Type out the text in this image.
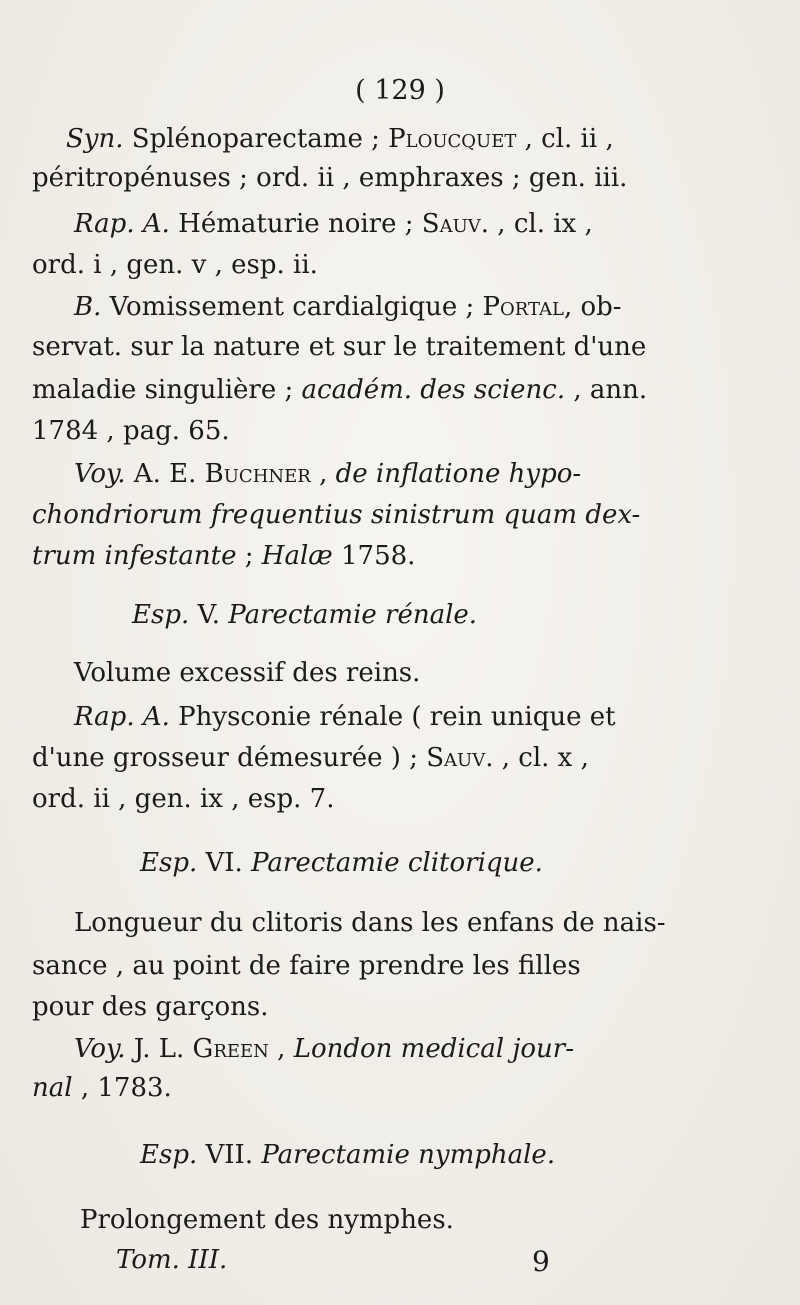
( 129 )
Syn. Splénoparectame ; Ploucquet , cl. ii ,
péritropénuses ; ord. ii , emphraxes ; gen. iii.
Rap. A. Hématurie noire ; Sauv. , cl. ix ,
ord. i , gen. v , esp. ii.
B. Vomissement cardialgique ; Portal, ob-
servat. sur la nature et sur le traitement d'une
maladie singulière ; académ. des scienc. , ann.
1784 , pag. 65.
Voy. A. E. Buchner , de inflatione hypo-
chondriorum frequentius sinistrum quam dex-
trum infestante ; Halæ 1758.
Esp. V. Parectamie rénale.
Volume excessif des reins.
Rap. A. Physconie rénale ( rein unique et
d'une grosseur démesurée ) ; Sauv. , cl. x ,
ord. ii , gen. ix , esp. 7.
Esp. VI. Parectamie clitorique.
Longueur du clitoris dans les enfans de nais-
sance , au point de faire prendre les filles
pour des garçons.
Voy. J. L. Green , London medical jour-
nal , 1783.
Esp. VII. Parectamie nymphale.
Prolongement des nymphes.
Tom. III.	9
